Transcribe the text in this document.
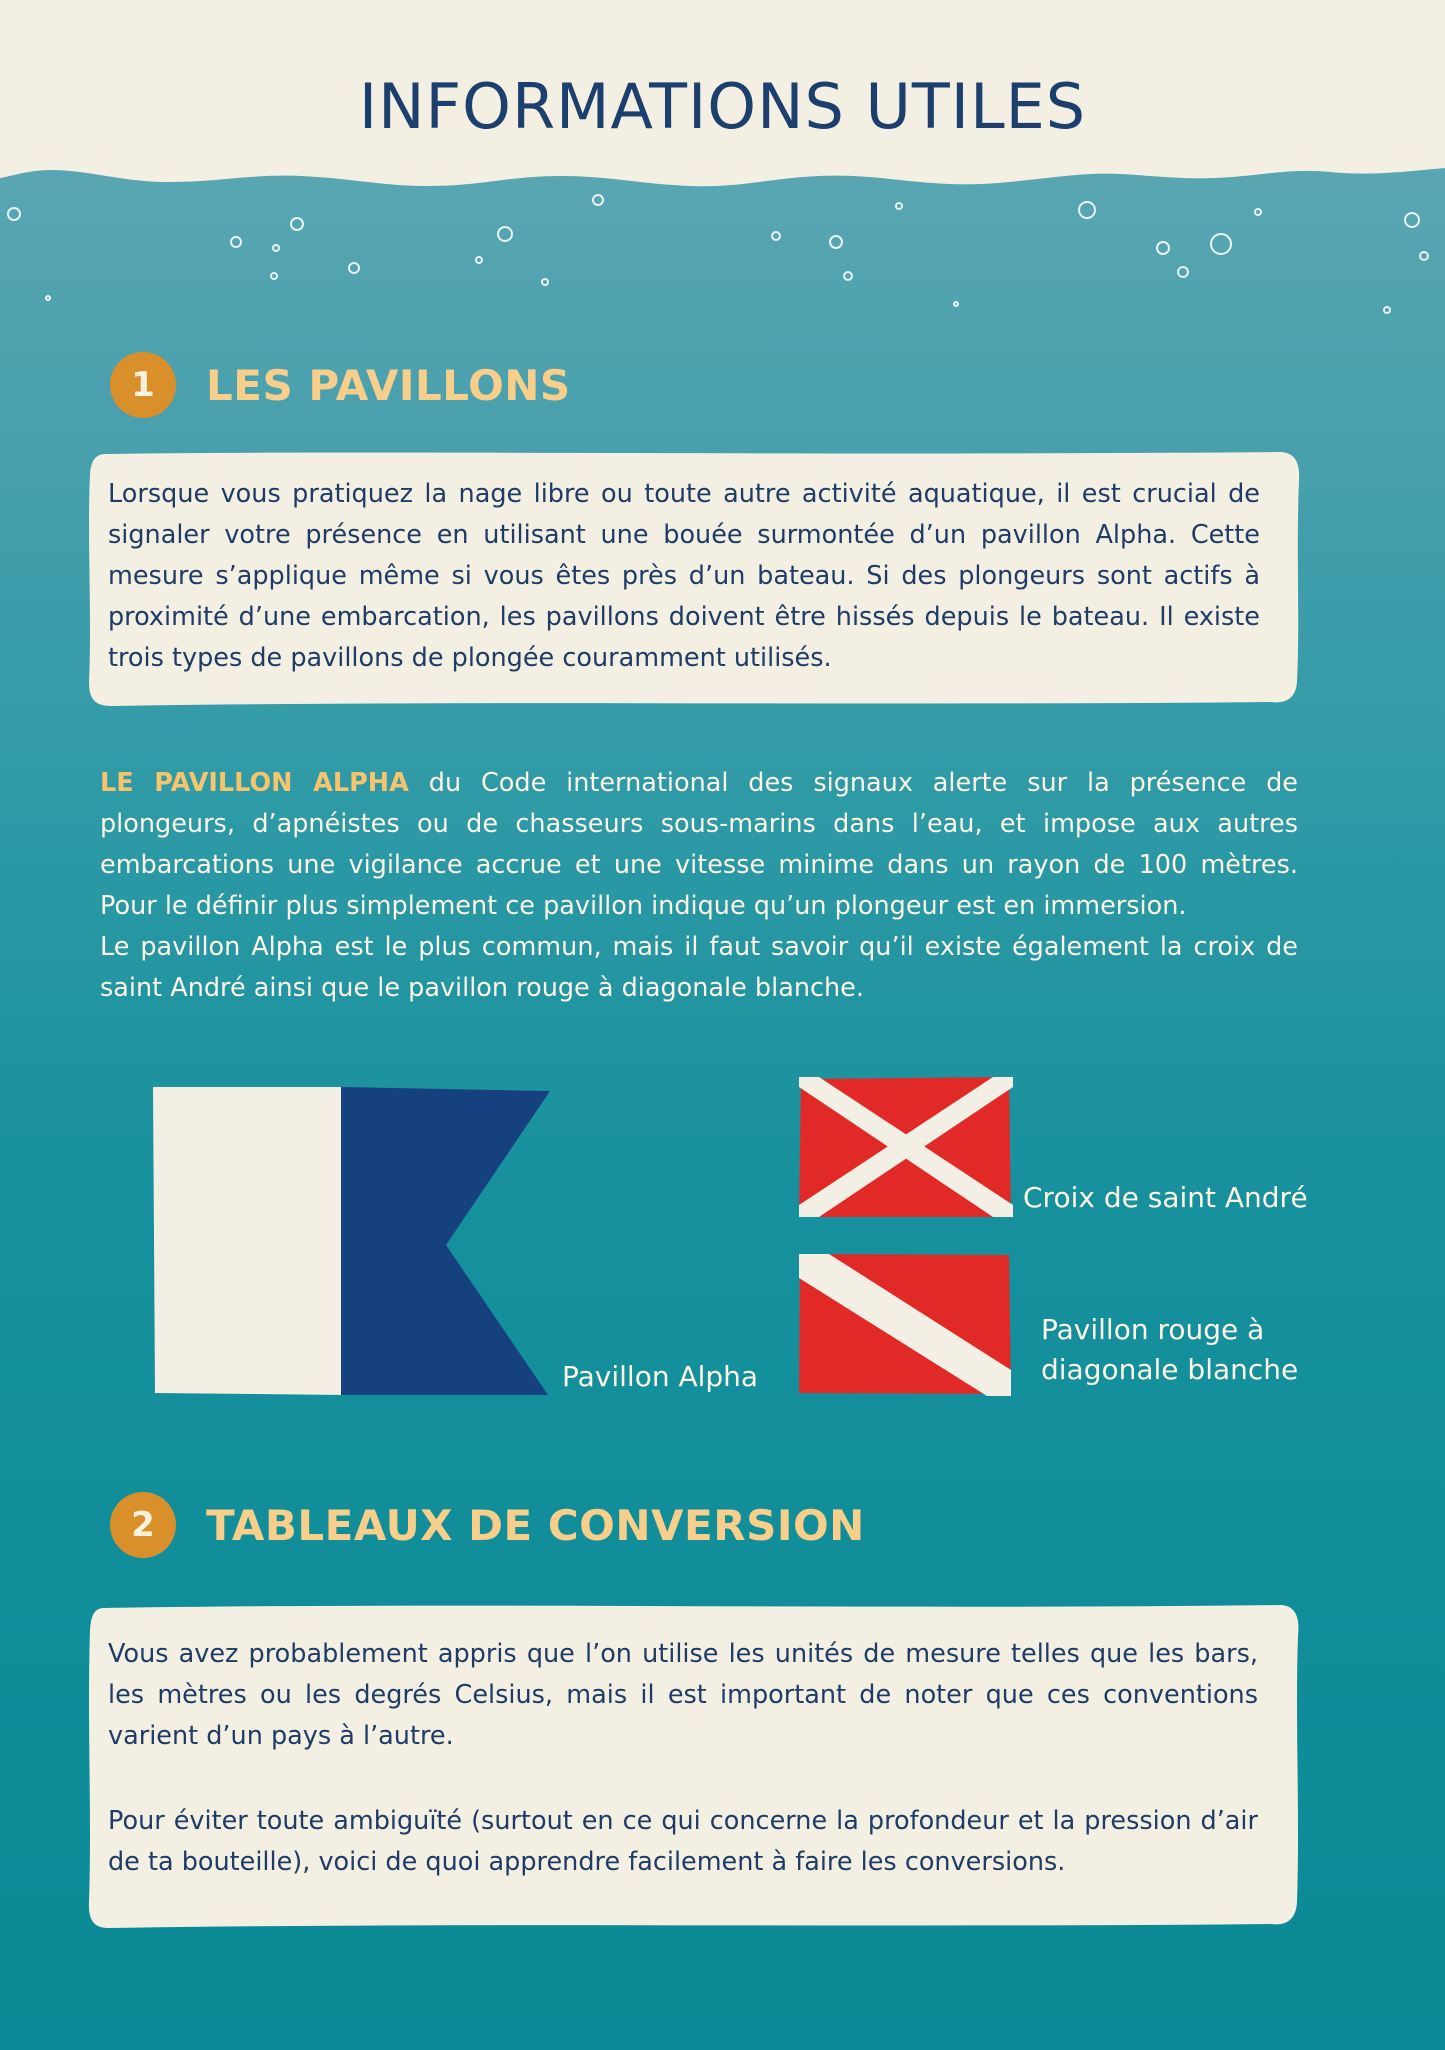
INFORMATIONS UTILES
1	LES PAVILLONS

Lorsque vous pratiquez la nage libre ou toute autre activité aquatique, il est crucial de signaler votre présence en utilisant une bouée surmontée d’un pavillon Alpha. Cette mesure s’applique même si vous êtes près d’un bateau. Si des plongeurs sont actifs à proximité d’une embarcation, les pavillons doivent être hissés depuis le bateau. Il existe trois types de pavillons de plongée couramment utilisés.

LE PAVILLON ALPHA du Code international des signaux alerte sur la présence de plongeurs, d’apnéistes ou de chasseurs sous-marins dans l’eau, et impose aux autres embarcations une vigilance accrue et une vitesse minime dans un rayon de 100 mètres.
Pour le définir plus simplement ce pavillon indique qu’un plongeur est en immersion.
Le pavillon Alpha est le plus commun, mais il faut savoir qu’il existe également la croix de saint André ainsi que le pavillon rouge à diagonale blanche.
Pavillon Alpha
Croix de saint André
Pavillon rouge à
diagonale blanche
2	TABLEAUX DE CONVERSION

Vous avez probablement appris que l’on utilise les unités de mesure telles que les bars, les mètres ou les degrés Celsius, mais il est important de noter que ces conventions varient d’un pays à l’autre.

Pour éviter toute ambiguïté (surtout en ce qui concerne la profondeur et la pression d’air de ta bouteille), voici de quoi apprendre facilement à faire les conversions.
